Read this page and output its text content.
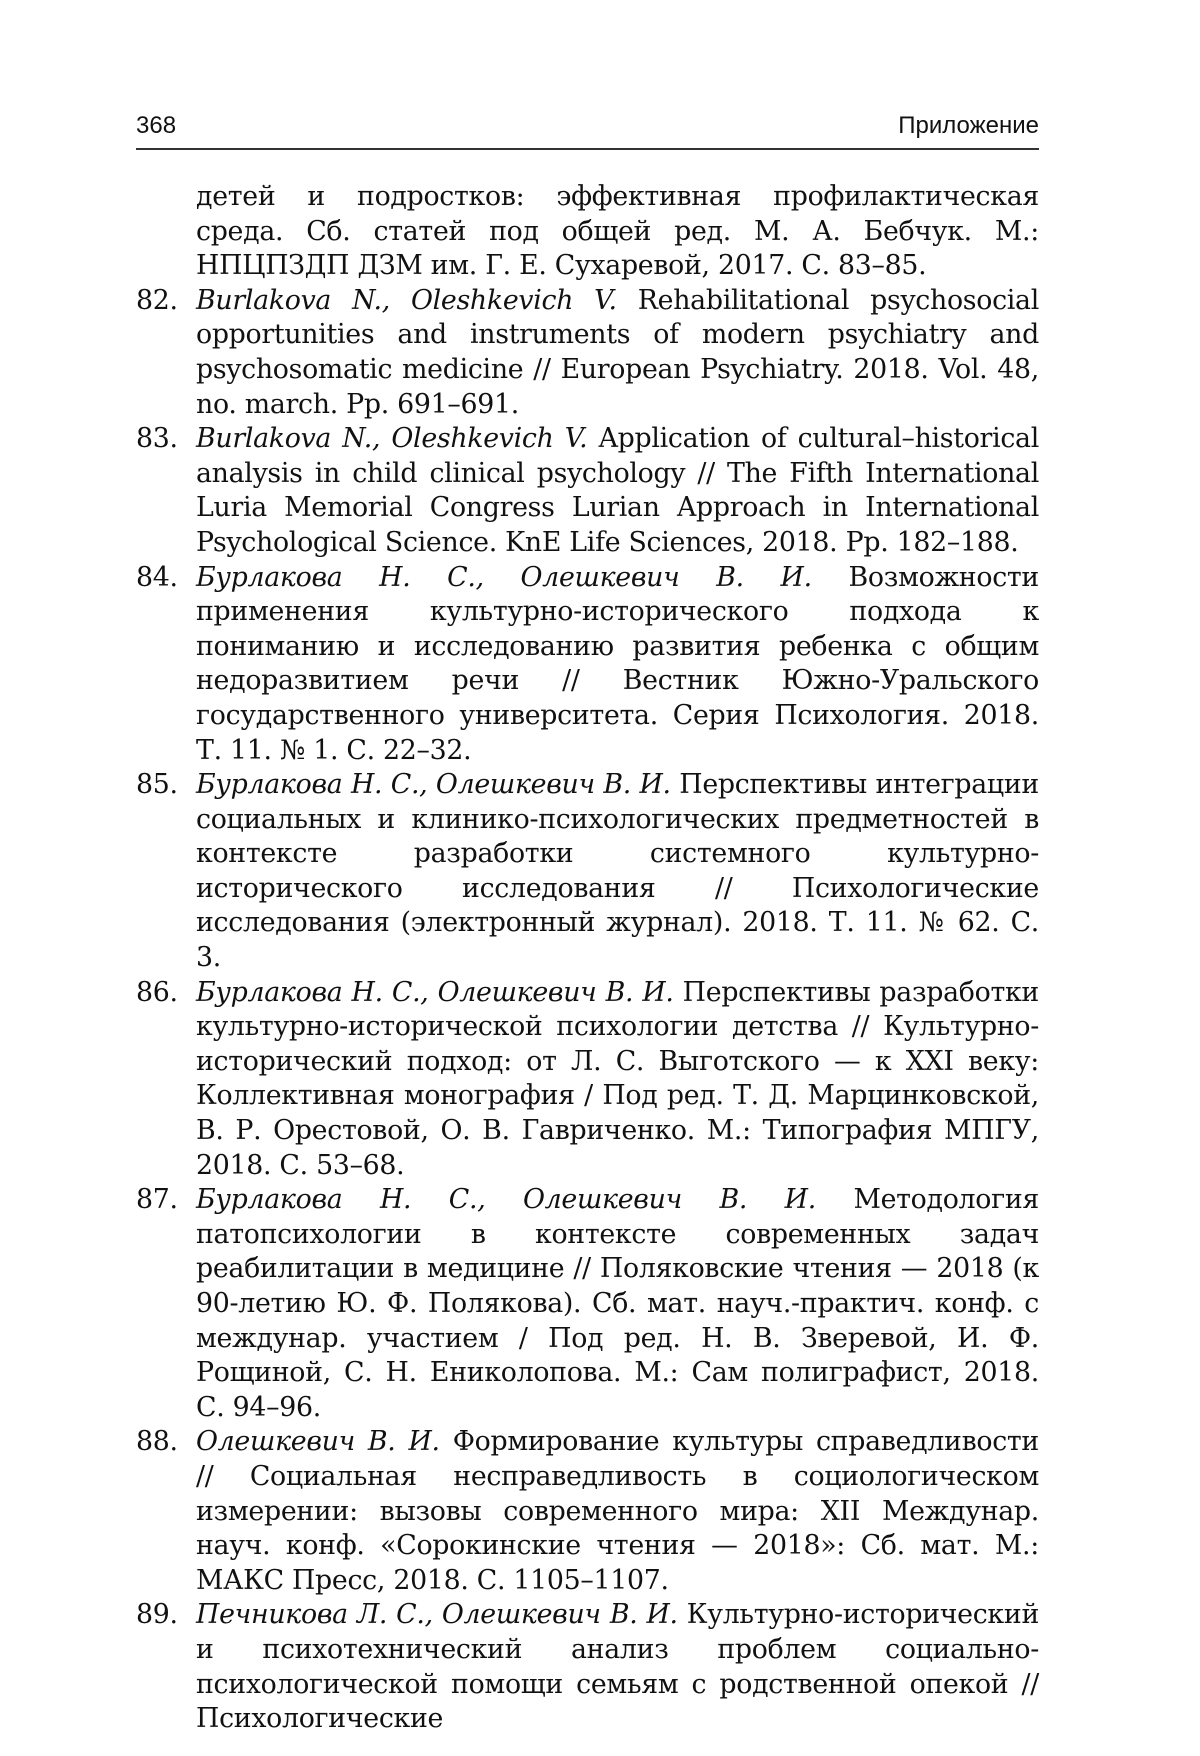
368	Приложение
детей и подростков: эффективная профилактическая среда. Сб. статей под общей ред. М. А. Бебчук. М.: НПЦПЗДП ДЗМ им. Г. Е. Сухаревой, 2017. С. 83–85.
82. Burlakova N., Oleshkevich V. Rehabilitational psychosocial opportunities and instruments of modern psychiatry and psychosomatic medicine // European Psychiatry. 2018. Vol. 48, no. march. Pp. 691–691.
83. Burlakova N., Oleshkevich V. Application of cultural–historical analysis in child clinical psychology // The Fifth International Luria Memorial Congress Lurian Approach in International Psychological Science. KnE Life Sciences, 2018. Pp. 182–188.
84. Бурлакова Н. С., Олешкевич В. И. Возможности применения культурно-исторического подхода к пониманию и исследованию развития ребенка с общим недоразвитием речи // Вестник Южно-Уральского государственного университета. Серия Психология. 2018. Т. 11. № 1. С. 22–32.
85. Бурлакова Н. С., Олешкевич В. И. Перспективы интеграции социальных и клинико-психологических предметностей в контексте разработки системного культурно-исторического исследования // Психологические исследования (электронный журнал). 2018. Т. 11. № 62. С. 3.
86. Бурлакова Н. С., Олешкевич В. И. Перспективы разработки культурно-исторической психологии детства // Культурно-исторический подход: от Л. С. Выготского — к XXI веку: Коллективная монография / Под ред. Т. Д. Марцинковской, В. Р. Орестовой, О. В. Гавриченко. М.: Типография МПГУ, 2018. С. 53–68.
87. Бурлакова Н. С., Олешкевич В. И. Методология патопсихологии в контексте современных задач реабилитации в медицине // Поляковские чтения — 2018 (к 90-летию Ю. Ф. Полякова). Сб. мат. науч.-практич. конф. с междунар. участием / Под ред. Н. В. Зверевой, И. Ф. Рощиной, С. Н. Ениколопова. М.: Сам полиграфист, 2018. С. 94–96.
88. Олешкевич В. И. Формирование культуры справедливости // Социальная несправедливость в социологическом измерении: вызовы современного мира: XII Междунар. науч. конф. «Сорокинские чтения — 2018»: Сб. мат. М.: МАКС Пресс, 2018. С. 1105–1107.
89. Печникова Л. С., Олешкевич В. И. Культурно-исторический и психотехнический анализ проблем социально-психологической помощи семьям с родственной опекой // Психологические
